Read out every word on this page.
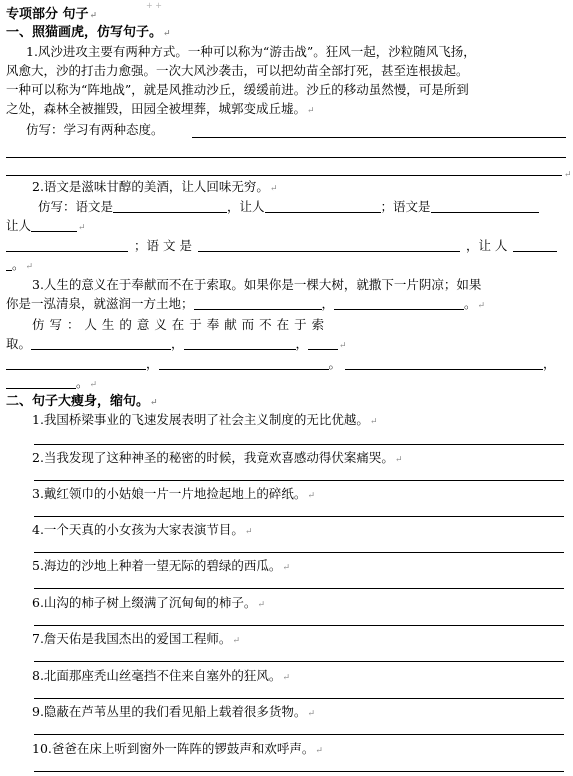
+ +
专项部分 句子↵
一、照猫画虎，仿写句子。↵
1.风沙进攻主要有两种方式。一种可以称为“游击战”。狂风一起，沙粒随风飞扬，
风愈大，沙的打击力愈强。一次大风沙袭击，可以把幼苗全部打死，甚至连根拔起。
一种可以称为“阵地战”，就是风推动沙丘，缓缓前进。沙丘的移动虽然慢，可是所到
之处，森林全被摧毁，田园全被埋葬，城郭变成丘墟。↵
仿写：学习有两种态度。
↵
2.语文是滋味甘醇的美酒，让人回味无穷。↵
仿写：语文是	，让人	；语文是
让人	↵
；语 文 是	，让 人
。↵
3.人生的意义在于奉献而不在于索取。如果你是一棵大树，就撒下一片阴凉；如果
你是一泓清泉，就滋润一方土地；	，	。↵
仿 写 ： 人 生 的 意 义 在 于 奉 献 而 不 在 于 索
取。	，	，	↵
，	。	，
。↵
二、句子大瘦身，缩句。↵
1.我国桥梁事业的飞速发展表明了社会主义制度的无比优越。↵
2.当我发现了这种神圣的秘密的时候，我竟欢喜感动得伏案痛哭。↵
3.戴红领巾的小姑娘一片一片地捡起地上的碎纸。↵
4.一个天真的小女孩为大家表演节目。↵
5.海边的沙地上种着一望无际的碧绿的西瓜。↵
6.山沟的柿子树上缀满了沉甸甸的柿子。↵
7.詹天佑是我国杰出的爱国工程师。↵
8.北面那座秃山丝毫挡不住来自塞外的狂风。↵
9.隐蔽在芦苇丛里的我们看见船上载着很多货物。↵
10.爸爸在床上听到窗外一阵阵的锣鼓声和欢呼声。↵
